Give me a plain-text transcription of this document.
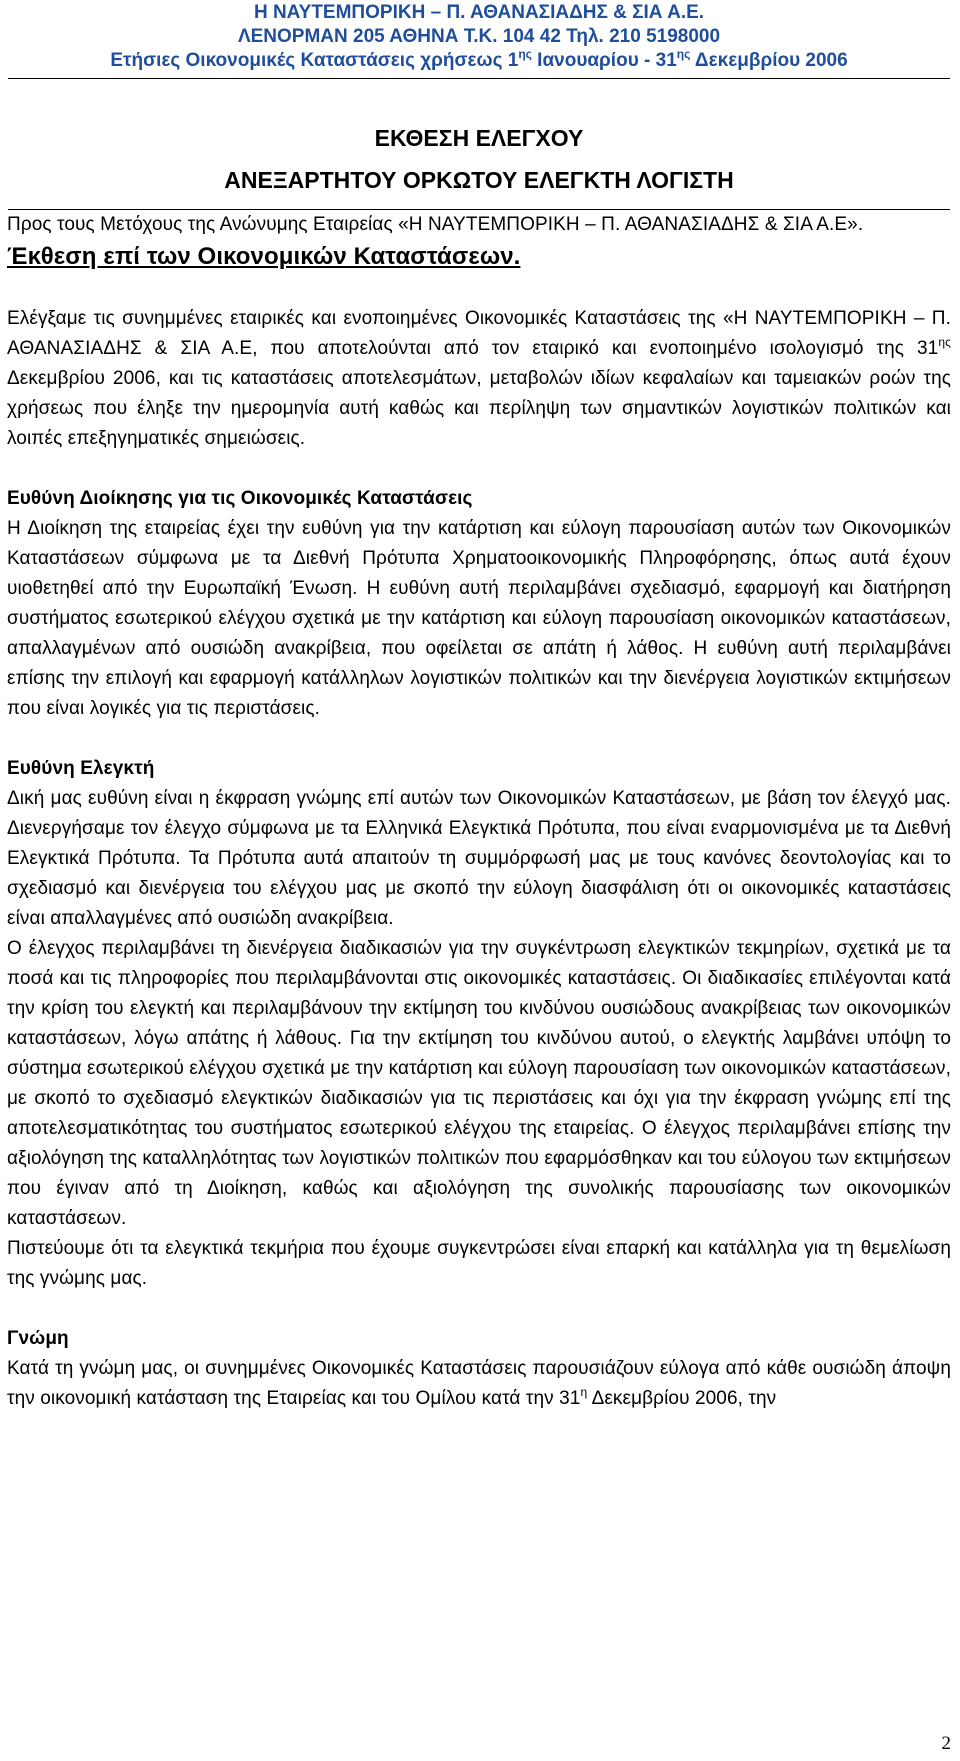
Η ΝΑΥΤΕΜΠΟΡΙΚΗ – Π. ΑΘΑΝΑΣΙΑΔΗΣ & ΣΙΑ Α.Ε.
ΛΕΝΟΡΜΑΝ 205 ΑΘΗΝΑ Τ.Κ. 104 42 Τηλ. 210 5198000
Ετήσιες Οικονομικές Καταστάσεις χρήσεως $1^{\eta\varsigma}$ Ιανουαρίου - $31^{\eta\varsigma}$ Δεκεμβρίου 2006
ΕΚΘΕΣΗ ΕΛΕΓΧΟΥ
ΑΝΕΞΑΡΤΗΤΟΥ ΟΡΚΩΤΟΥ ΕΛΕΓΚΤΗ ΛΟΓΙΣΤΗ

Προς τους Μετόχους της Ανώνυμης Εταιρείας «Η ΝΑΥΤΕΜΠΟΡΙΚΗ – Π. ΑΘΑΝΑΣΙΑΔΗΣ & ΣΙΑ Α.Ε».

Έκθεση επί των Οικονομικών Καταστάσεων.

Ελέγξαμε τις συνημμένες εταιρικές και ενοποιημένες Οικονομικές Καταστάσεις της «Η ΝΑΥΤΕΜΠΟΡΙΚΗ – Π. ΑΘΑΝΑΣΙΑΔΗΣ & ΣΙΑ Α.Ε, που αποτελούνται από τον εταιρικό και ενοποιημένο ισολογισμό της $31^{\eta\varsigma}$ Δεκεμβρίου 2006, και τις καταστάσεις αποτελεσμάτων, μεταβολών ιδίων κεφαλαίων και ταμειακών ροών της χρήσεως που έληξε την ημερομηνία αυτή καθώς και περίληψη των σημαντικών λογιστικών πολιτικών και λοιπές επεξηγηματικές σημειώσεις.

Ευθύνη Διοίκησης για τις Οικονομικές Καταστάσεις

Η Διοίκηση της εταιρείας έχει την ευθύνη για την κατάρτιση και εύλογη παρουσίαση αυτών των Οικονομικών Καταστάσεων σύμφωνα με τα Διεθνή Πρότυπα Χρηματοοικονομικής Πληροφόρησης, όπως αυτά έχουν υιοθετηθεί από την Ευρωπαϊκή Ένωση. Η ευθύνη αυτή περιλαμβάνει σχεδιασμό, εφαρμογή και διατήρηση συστήματος εσωτερικού ελέγχου σχετικά με την κατάρτιση και εύλογη παρουσίαση οικονομικών καταστάσεων, απαλλαγμένων από ουσιώδη ανακρίβεια, που οφείλεται σε απάτη ή λάθος. Η ευθύνη αυτή περιλαμβάνει επίσης την επιλογή και εφαρμογή κατάλληλων λογιστικών πολιτικών και την διενέργεια λογιστικών εκτιμήσεων που είναι λογικές για τις περιστάσεις.

Ευθύνη Ελεγκτή

Δική μας ευθύνη είναι η έκφραση γνώμης επί αυτών των Οικονομικών Καταστάσεων, με βάση τον έλεγχό μας. Διενεργήσαμε τον έλεγχο σύμφωνα με τα Ελληνικά Ελεγκτικά Πρότυπα, που είναι εναρμονισμένα με τα Διεθνή Ελεγκτικά Πρότυπα. Τα Πρότυπα αυτά απαιτούν τη συμμόρφωσή μας με τους κανόνες δεοντολογίας και το σχεδιασμό και διενέργεια του ελέγχου μας με σκοπό την εύλογη διασφάλιση ότι οι οικονομικές καταστάσεις είναι απαλλαγμένες από ουσιώδη ανακρίβεια.

Ο έλεγχος περιλαμβάνει τη διενέργεια διαδικασιών για την συγκέντρωση ελεγκτικών τεκμηρίων, σχετικά με τα ποσά και τις πληροφορίες που περιλαμβάνονται στις οικονομικές καταστάσεις. Οι διαδικασίες επιλέγονται κατά την κρίση του ελεγκτή και περιλαμβάνουν την εκτίμηση του κινδύνου ουσιώδους ανακρίβειας των οικονομικών καταστάσεων, λόγω απάτης ή λάθους. Για την εκτίμηση του κινδύνου αυτού, ο ελεγκτής λαμβάνει υπόψη το σύστημα εσωτερικού ελέγχου σχετικά με την κατάρτιση και εύλογη παρουσίαση των οικονομικών καταστάσεων, με σκοπό το σχεδιασμό ελεγκτικών διαδικασιών για τις περιστάσεις και όχι για την έκφραση γνώμης επί της αποτελεσματικότητας του συστήματος εσωτερικού ελέγχου της εταιρείας. Ο έλεγχος περιλαμβάνει επίσης την αξιολόγηση της καταλληλότητας των λογιστικών πολιτικών που εφαρμόσθηκαν και του εύλογου των εκτιμήσεων που έγιναν από τη Διοίκηση, καθώς και αξιολόγηση της συνολικής παρουσίασης των οικονομικών καταστάσεων.

Πιστεύουμε ότι τα ελεγκτικά τεκμήρια που έχουμε συγκεντρώσει είναι επαρκή και κατάλληλα για τη θεμελίωση της γνώμης μας.

Γνώμη

Κατά τη γνώμη μας, οι συνημμένες Οικονομικές Καταστάσεις παρουσιάζουν εύλογα από κάθε ουσιώδη άποψη την οικονομική κατάσταση της Εταιρείας και του Ομίλου κατά την $31^\eta$ Δεκεμβρίου 2006, την

2
